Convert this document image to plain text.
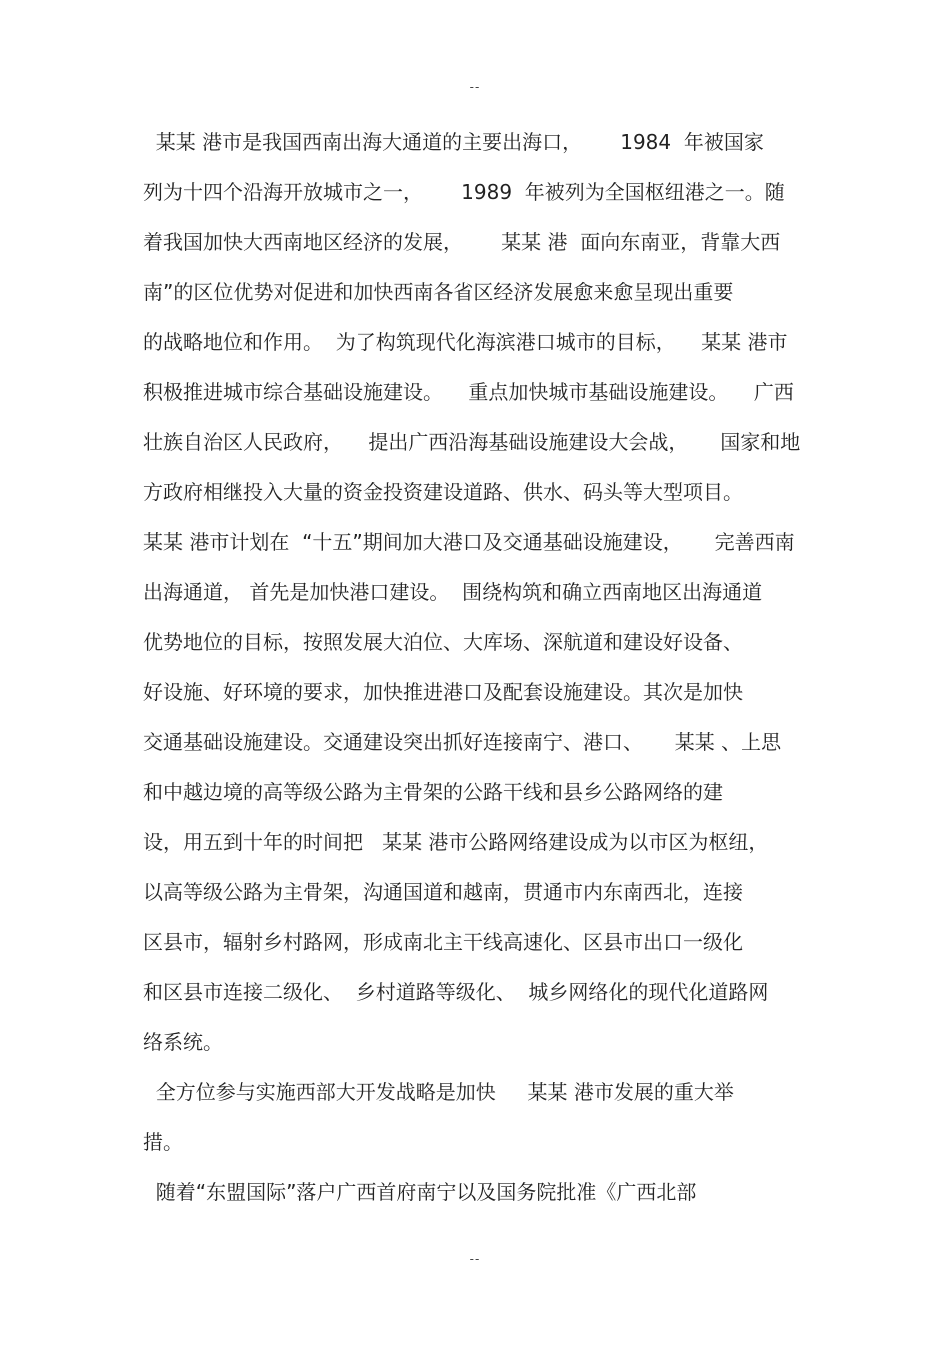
--
某某 港市是我国西南出海大通道的主要出海口，      1984  年被国家
列为十四个沿海开放城市之一，      1989  年被列为全国枢纽港之一。随
着我国加快大西南地区经济的发展，      某某 港  面向东南亚，背靠大西
南”的区位优势对促进和加快西南各省区经济发展愈来愈呈现出重要
的战略地位和作用。  为了构筑现代化海滨港口城市的目标，    某某 港市
积极推进城市综合基础设施建设。    重点加快城市基础设施建设。    广西
壮族自治区人民政府，    提出广西沿海基础设施建设大会战，     国家和地
方政府相继投入大量的资金投资建设道路、供水、码头等大型项目。
某某 港市计划在  “十五”期间加大港口及交通基础设施建设，     完善西南
出海通道， 首先是加快港口建设。  围绕构筑和确立西南地区出海通道
优势地位的目标，按照发展大泊位、大库场、深航道和建设好设备、
好设施、好环境的要求，加快推进港口及配套设施建设。其次是加快
交通基础设施建设。交通建设突出抓好连接南宁、港口、     某某 、上思
和中越边境的高等级公路为主骨架的公路干线和县乡公路网络的建
设，用五到十年的时间把   某某 港市公路网络建设成为以市区为枢纽，
以高等级公路为主骨架，沟通国道和越南，贯通市内东南西北，连接
区县市，辐射乡村路网，形成南北主干线高速化、区县市出口一级化
和区县市连接二级化、  乡村道路等级化、  城乡网络化的现代化道路网
络系统。
全方位参与实施西部大开发战略是加快     某某 港市发展的重大举
措。
随着“东盟国际”落户广西首府南宁以及国务院批准《广西北部
--
